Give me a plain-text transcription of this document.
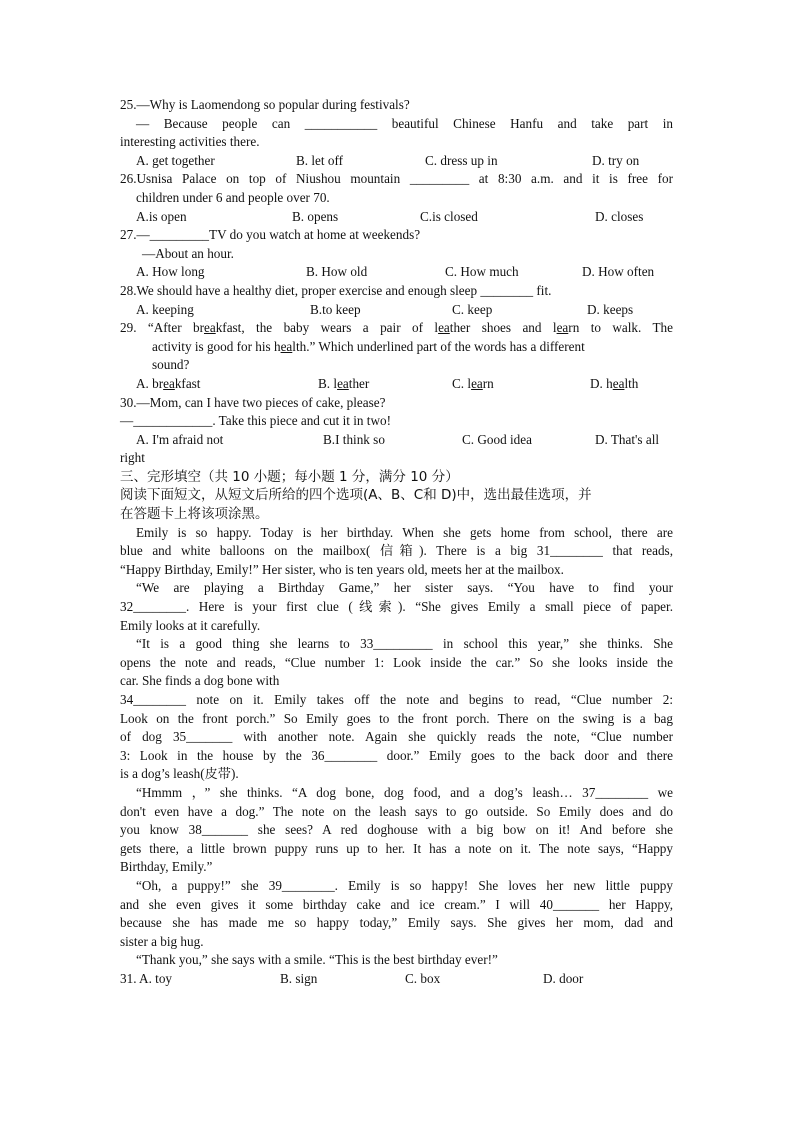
25.—Why is Laomendong so popular during festivals?
— Because people can ___________ beautiful Chinese Hanfu and take part in
interesting activities there.
A. get together	B. let off	C. dress up in	D. try on
26.Usnisa Palace on top of Niushou mountain _________ at 8:30 a.m. and it is free for
children under 6 and people over 70.
A.is open	B. opens	C.is closed	D. closes
27.—_________TV do you watch at home at weekends?
—About an hour.
A. How long	B. How old	C. How much	D. How often
28.We should have a healthy diet, proper exercise and enough sleep ________ fit.
A. keeping	B.to keep	C. keep	D. keeps
29. “After breakfast, the baby wears a pair of leather shoes and learn to walk. The
activity is good for his health.” Which underlined part of the words has a different
sound?
A. breakfast	B. leather	C. learn	D. health
30.—Mom, can I have two pieces of cake, please?
—____________. Take this piece and cut it in two!
A. I'm afraid not	B.I think so	C. Good idea	D. That's all
right
三、完形填空（共 10 小题；每小题 1 分，满分 10 分）
阅读下面短文，从短文后所给的四个选项(A、B、C和 D)中，选出最佳选项，并
在答题卡上将该项涂黑。
Emily is so happy. Today is her birthday. When she gets home from school, there are
blue and white balloons on the mailbox( 信箱). There is a big 31________ that reads,
“Happy Birthday, Emily!” Her sister, who is ten years old, meets her at the mailbox.
“We are playing a Birthday Game,” her sister says. “You have to find your
32________. Here is your first clue (线索). “She gives Emily a small piece of paper.
Emily looks at it carefully.
“It is a good thing she learns to 33_________ in school this year,” she thinks. She
opens the note and reads, “Clue number 1: Look inside the car.” So she looks inside the
car. She finds a dog bone with
34________ note on it. Emily takes off the note and begins to read, “Clue number 2:
Look on the front porch.” So Emily goes to the front porch. There on the swing is a bag
of dog 35_______ with another note. Again she quickly reads the note, “Clue number
3: Look in the house by the 36________ door.” Emily goes to the back door and there
is a dog’s leash(皮带).
“Hmmm ，” she thinks. “A dog bone, dog food, and a dog’s leash… 37________ we
don't even have a dog.” The note on the leash says to go outside. So Emily does and do
you know 38_______ she sees? A red doghouse with a big bow on it! And before she
gets there, a little brown puppy runs up to her. It has a note on it. The note says, “Happy
Birthday, Emily.”
“Oh, a puppy!” she 39________. Emily is so happy! She loves her new little puppy
and she even gives it some birthday cake and ice cream.” I will 40_______ her Happy,
because she has made me so happy today,” Emily says. She gives her mom, dad and
sister a big hug.
“Thank you,” she says with a smile. “This is the best birthday ever!”
31. A. toy	B. sign	C. box	D. door
